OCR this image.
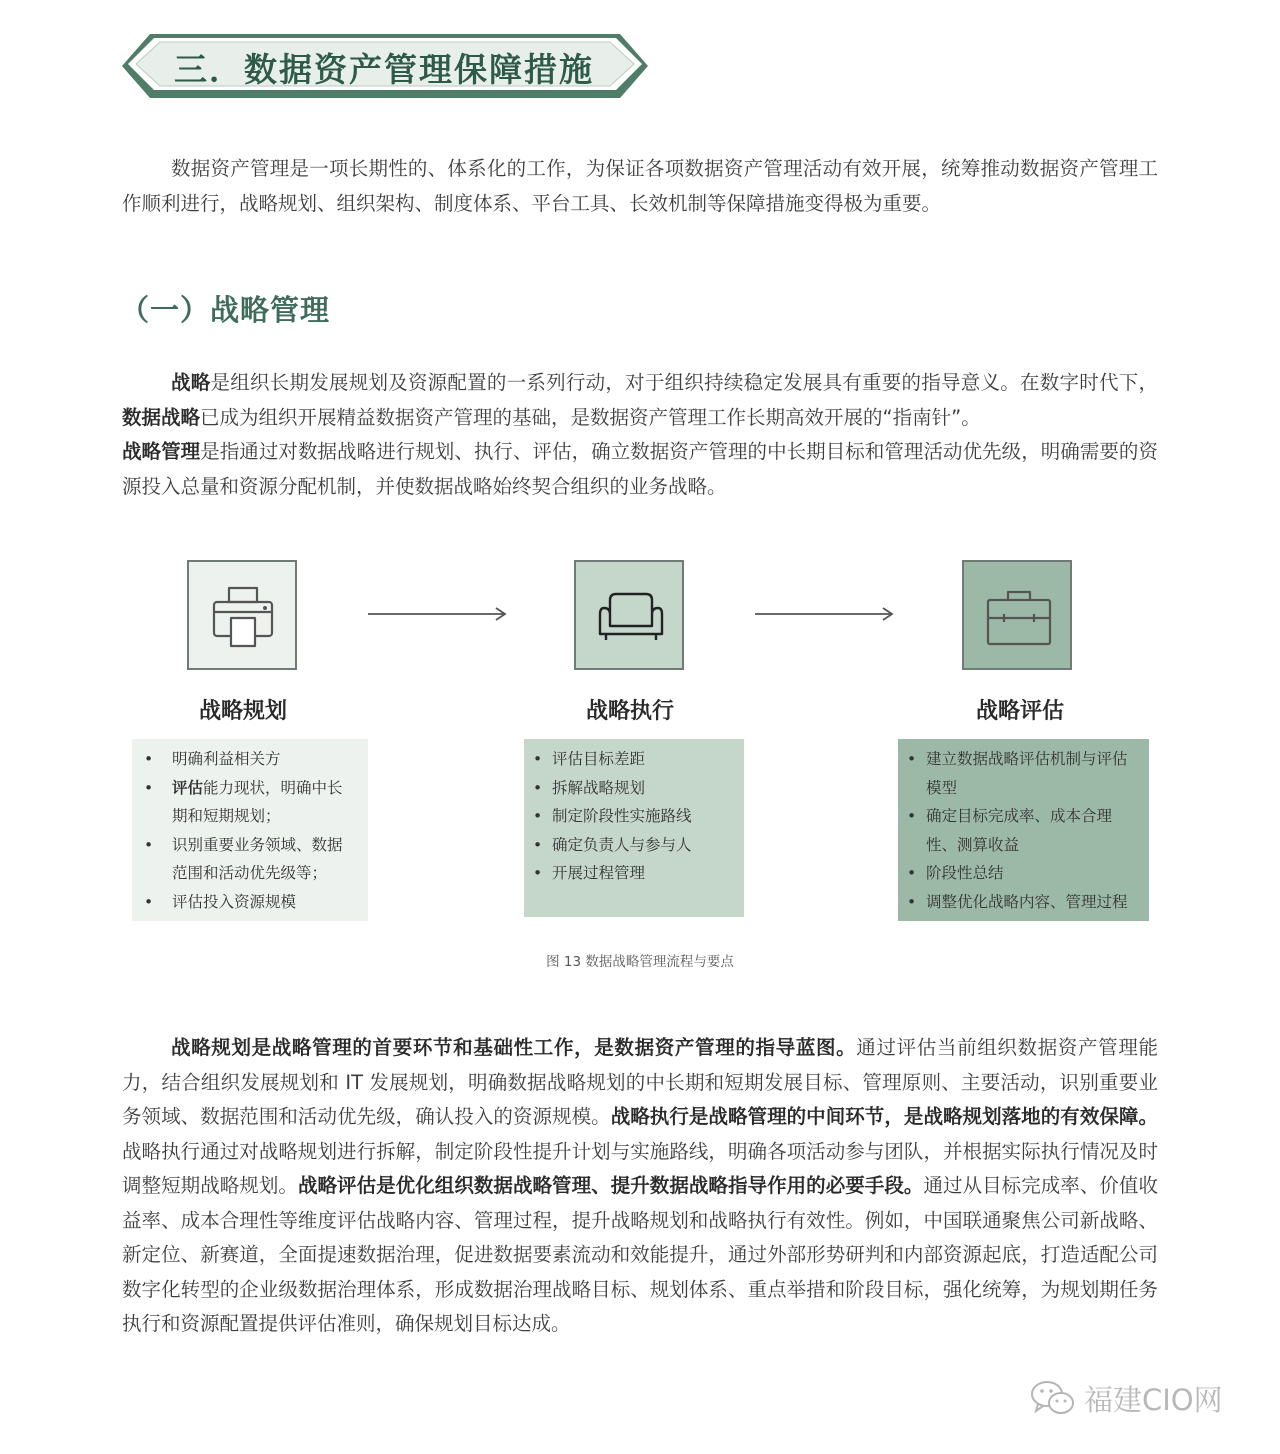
三．数据资产管理保障措施

数据资产管理是一项长期性的、体系化的工作，为保证各项数据资产管理活动有效开展，统筹推动数据资产管理工作顺利进行，战略规划、组织架构、制度体系、平台工具、长效机制等保障措施变得极为重要。

（一）战略管理

战略是组织长期发展规划及资源配置的一系列行动，对于组织持续稳定发展具有重要的指导意义。在数字时代下，数据战略已成为组织开展精益数据资产管理的基础，是数据资产管理工作长期高效开展的“指南针”。
战略管理是指通过对数据战略进行规划、执行、评估，确立数据资产管理的中长期目标和管理活动优先级，明确需要的资源投入总量和资源分配机制，并使数据战略始终契合组织的业务战略。

战略规划	战略执行	战略评估
• 明确利益相关方
• 评估能力现状，明确中长期和短期规划；
• 识别重要业务领域、数据范围和活动优先级等；
• 评估投入资源规模
• 评估目标差距
• 拆解战略规划
• 制定阶段性实施路线
• 确定负责人与参与人
• 开展过程管理
• 建立数据战略评估机制与评估模型
• 确定目标完成率、成本合理性、测算收益
• 阶段性总结
• 调整优化战略内容、管理过程
图 13 数据战略管理流程与要点

战略规划是战略管理的首要环节和基础性工作，是数据资产管理的指导蓝图。通过评估当前组织数据资产管理能力，结合组织发展规划和 IT 发展规划，明确数据战略规划的中长期和短期发展目标、管理原则、主要活动，识别重要业务领域、数据范围和活动优先级，确认投入的资源规模。战略执行是战略管理的中间环节，是战略规划落地的有效保障。战略执行通过对战略规划进行拆解，制定阶段性提升计划与实施路线，明确各项活动参与团队，并根据实际执行情况及时调整短期战略规划。战略评估是优化组织数据战略管理、提升数据战略指导作用的必要手段。通过从目标完成率、价值收益率、成本合理性等维度评估战略内容、管理过程，提升战略规划和战略执行有效性。例如，中国联通聚焦公司新战略、新定位、新赛道，全面提速数据治理，促进数据要素流动和效能提升，通过外部形势研判和内部资源起底，打造适配公司数字化转型的企业级数据治理体系，形成数据治理战略目标、规划体系、重点举措和阶段目标，强化统筹，为规划期任务执行和资源配置提供评估准则，确保规划目标达成。

福建CIO网
